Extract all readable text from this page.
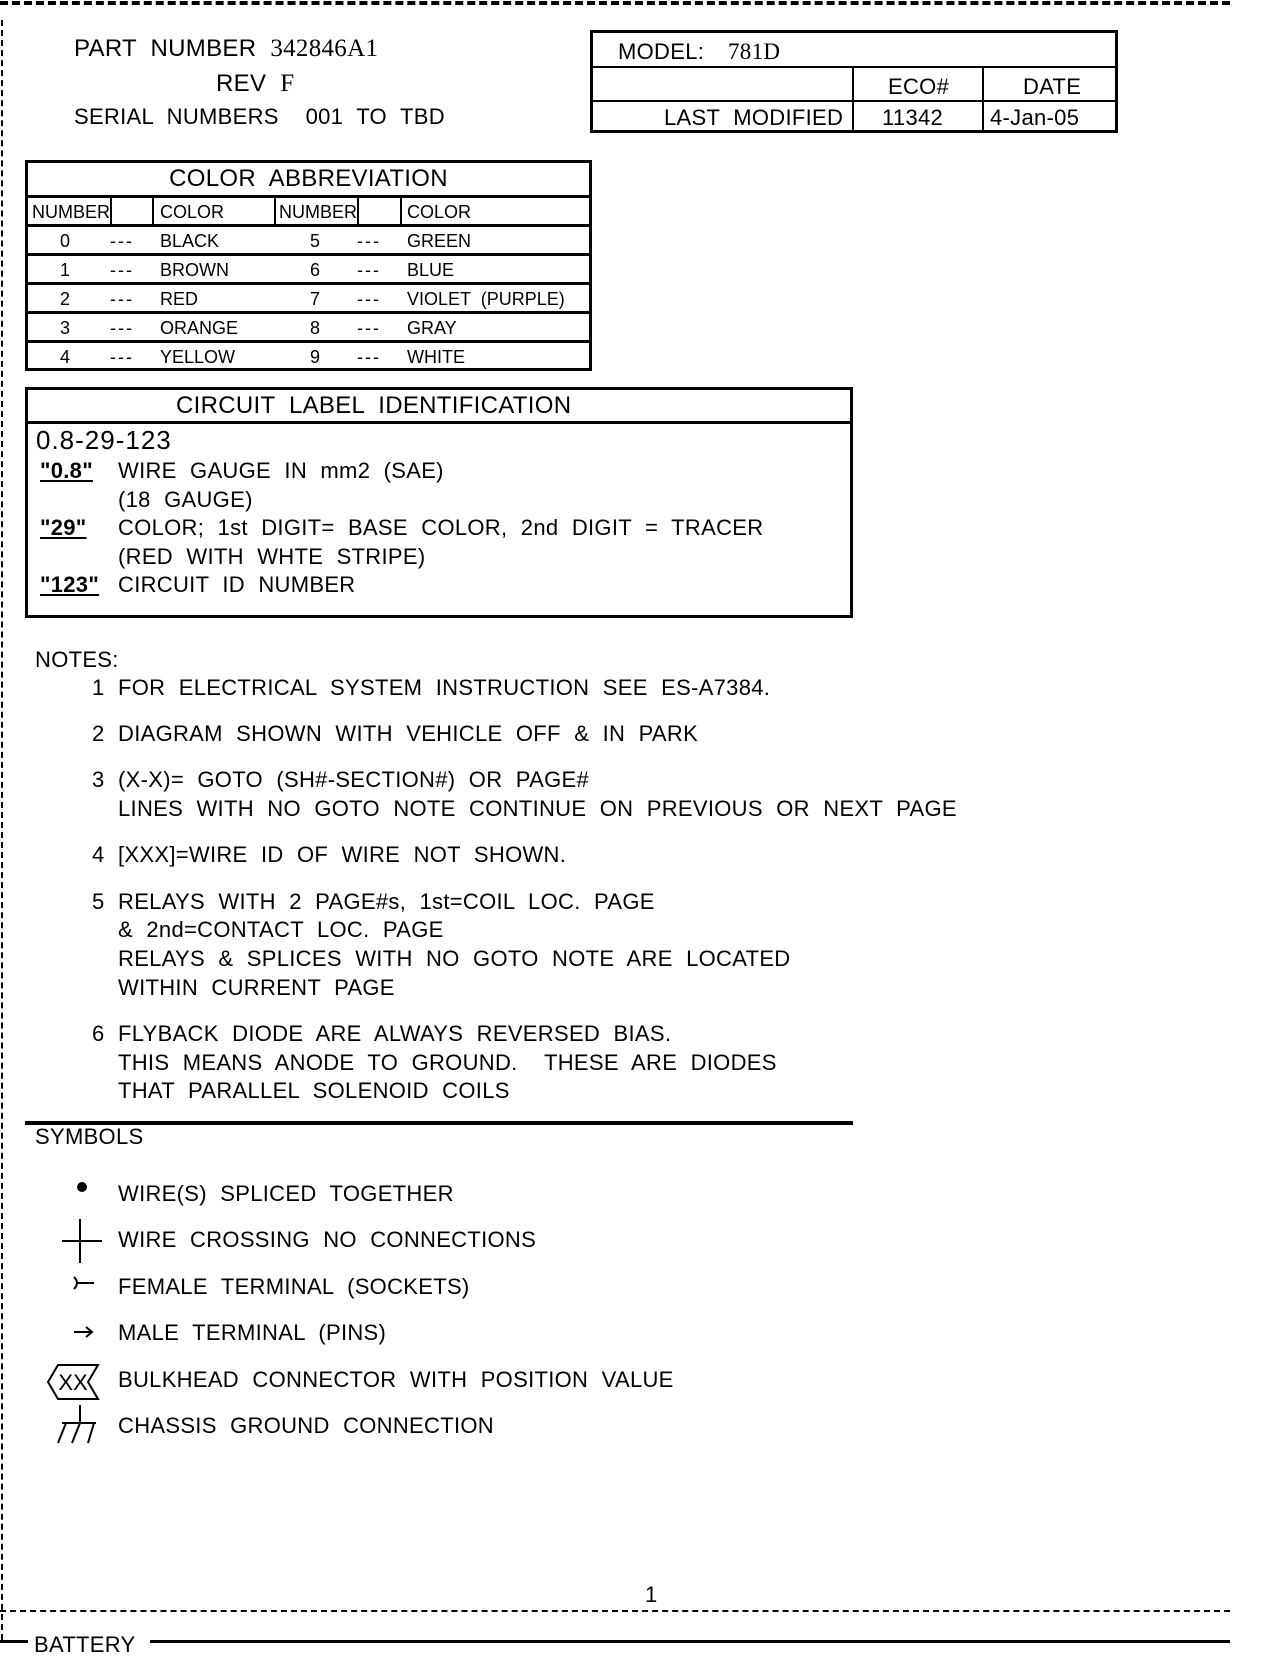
PART NUMBER 342846A1
REV F
SERIAL NUMBERS  001 TO TBD
MODEL: 781D
ECO#	DATE
LAST MODIFIED 11342 4-Jan-05
COLOR ABBREVIATION
NUMBER	COLOR	NUMBER	COLOR
0 --- BLACK	5 --- GREEN
1 --- BROWN	6 --- BLUE
2 --- RED	7 --- VIOLET  (PURPLE)
3 --- ORANGE	8 --- GRAY
4 --- YELLOW	9 --- WHITE
CIRCUIT LABEL IDENTIFICATION
0.8-29-123
"0.8" WIRE GAUGE IN mm2 (SAE)
(18 GAUGE)
"29" COLOR; 1st DIGIT= BASE COLOR, 2nd DIGIT = TRACER
(RED WITH WHTE STRIPE)
"123" CIRCUIT ID NUMBER
NOTES:
1 FOR ELECTRICAL SYSTEM INSTRUCTION SEE ES-A7384.
2 DIAGRAM SHOWN WITH VEHICLE OFF & IN PARK
3 (X-X)= GOTO (SH#-SECTION#) OR PAGE#
LINES WITH NO GOTO NOTE CONTINUE ON PREVIOUS OR NEXT PAGE
4 [XXX]=WIRE ID OF WIRE NOT SHOWN.
5 RELAYS WITH 2 PAGE#s, 1st=COIL LOC. PAGE
& 2nd=CONTACT LOC. PAGE
RELAYS & SPLICES WITH NO GOTO NOTE ARE LOCATED
WITHIN CURRENT PAGE
6 FLYBACK DIODE ARE ALWAYS REVERSED BIAS.
THIS MEANS ANODE TO GROUND.  THESE ARE DIODES
THAT PARALLEL SOLENOID COILS
SYMBOLS
XX
WIRE(S) SPLICED TOGETHER
WIRE CROSSING NO CONNECTIONS
FEMALE TERMINAL (SOCKETS)
MALE TERMINAL (PINS)
BULKHEAD CONNECTOR WITH POSITION VALUE
CHASSIS GROUND CONNECTION
1
BATTERY
